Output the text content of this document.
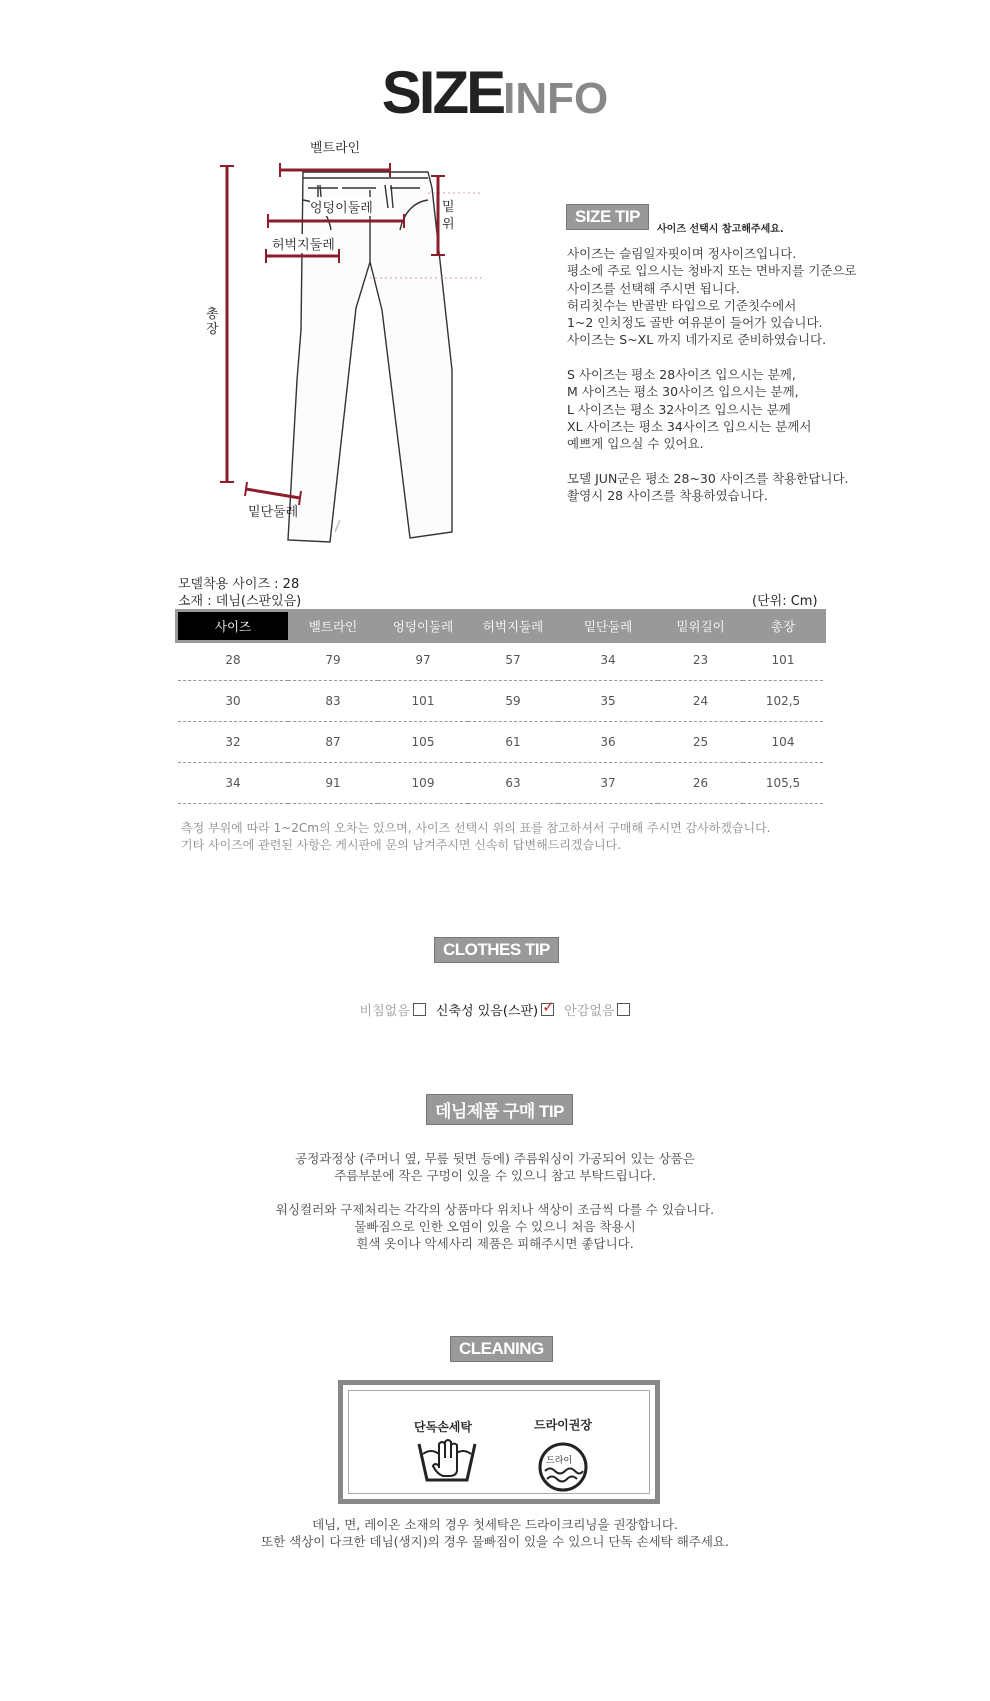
SIZEINFO
벨트라인
엉덩이둘레
허벅지둘레
밑
위
총
장
밑단둘레
SIZE TIP
사이즈 선택시 참고해주세요.
사이즈는 슬림일자핏이며 정사이즈입니다.
평소에 주로 입으시는 청바지 또는 면바지를 기준으로
사이즈를 선택해 주시면 됩니다.
허리칫수는 반골반 타입으로 기준칫수에서
1~2 인치정도 골반 여유분이 들어가 있습니다.
사이즈는 S~XL 까지 네가지로 준비하였습니다.
S 사이즈는 평소 28사이즈 입으시는 분께,
M 사이즈는 평소 30사이즈 입으시는 분께,
L 사이즈는 평소 32사이즈 입으시는 분께
XL 사이즈는 평소 34사이즈 입으시는 분께서
예쁘게 입으실 수 있어요.
모델 JUN군은 평소 28~30 사이즈를 착용한답니다.
촬영시 28 사이즈를 착용하였습니다.
모델착용 사이즈 : 28
소재 : 데님(스판있음)	(단위: Cm)
사이즈	벨트라인	엉덩이둘레	허벅지둘레	밑단둘레	밑위길이	총장
28	79	97	57	34	23	101
30	83	101	59	35	24	102,5
32	87	105	61	36	25	104
34	91	109	63	37	26	105,5
측정 부위에 따라 1~2Cm의 오차는 있으며, 사이즈 선택시 위의 표를 참고하셔서 구매해 주시면 감사하겠습니다.
기타 사이즈에 관련된 사항은 게시판에 문의 남겨주시면 신속히 답변해드리겠습니다.
CLOTHES TIP
비침없음 신축성 있음(스판) ✓ 안감없음
데님제품 구매 TIP
공정과정상 (주머니 옆, 무릎 뒷면 등에) 주름워싱이 가공되어 있는 상품은
주름부분에 작은 구멍이 있을 수 있으니 참고 부탁드립니다.
워싱컬러와 구제처리는 각각의 상품마다 위치나 색상이 조금씩 다를 수 있습니다.
물빠짐으로 인한 오염이 있을 수 있으니 처음 착용시
흰색 옷이나 악세사리 제품은 피해주시면 좋답니다.
CLEANING
단독손세탁	드라이권장
드라이
데님, 면, 레이온 소재의 경우 첫세탁은 드라이크리닝을 권장합니다.
또한 색상이 다크한 데님(생지)의 경우 물빠짐이 있을 수 있으니 단독 손세탁 해주세요.
